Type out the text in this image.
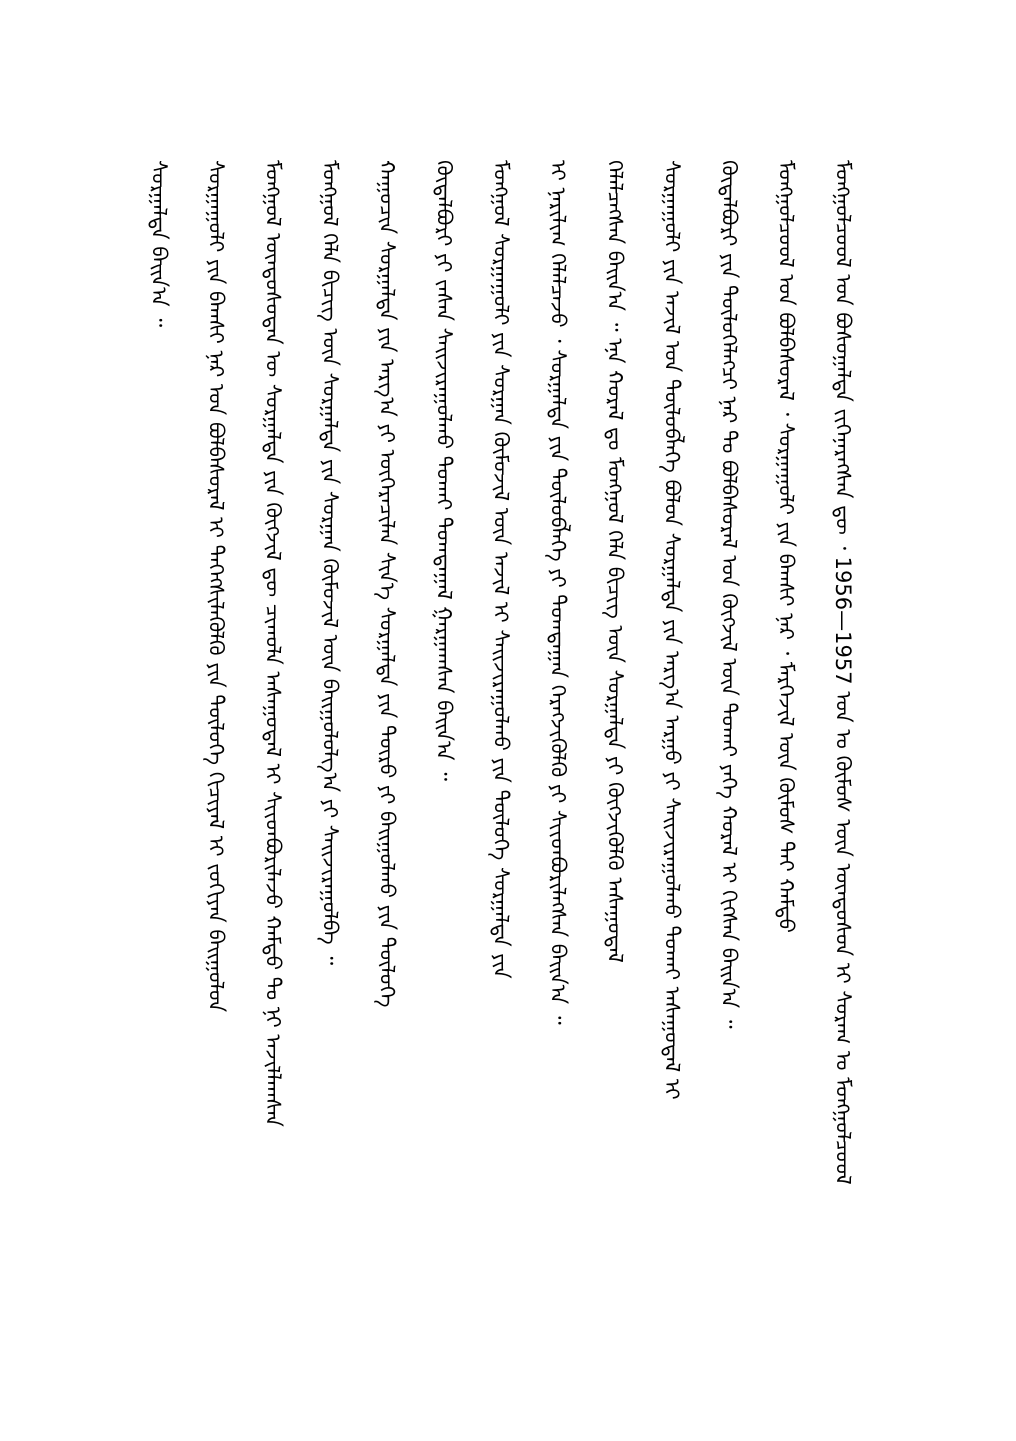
ᠮᠣᠩᠭᠣᠯᠴᠤᠤᠯ ᠤᠨ ᠪᠣᠰᠣᠭᠠᠯᠲᠠ ᠵᠢᠭᠡᠨᠡᠷᠡᠭᠰᠡᠨ ᠳᠦ ᠂ 1956—1957 ᠣᠨ ᠤ ᠬᠥᠮᠦᠰ ᠦᠨ ᠦᠨᠳᠦᠰᠦᠨ ᠢ ᠰᠤᠷᠠᠭ ᠤ ᠮᠣᠩᠭᠣᠯᠴᠤᠤᠯ
ᠮᠣᠩᠭᠣᠯᠴᠤᠤᠯ ᠤᠨ ᠪᠣᠯᠪᠠᠰᠤᠷᠠᠯ ᠂ ᠰᠤᠷᠭᠠᠭᠤᠯᠢ ᠶᠢᠨ ᠪᠠᠭᠰᠢ ᠨᠠᠷ ᠂ ᠮᠡᠷᠭᠡᠵᠢᠯ ᠦᠨ ᠬᠦᠮᠦᠰ ᠲᠡᠢ ᠬᠠᠮᠲᠤ
ᠬᠥᠲᠡᠯᠪᠦᠷᠢ ᠶᠢᠨ ᠲᠥᠯᠦᠭᠡᠯᠡᠭᠴᠢ ᠨᠠᠷ ᠲᠤ ᠪᠣᠯᠪᠠᠰᠤᠷᠠᠯ ᠤᠨ ᠬᠥᠭᠵᠢᠯ ᠦᠨ ᠲᠤᠬᠠᠢ ᠶᠡᠬᠡ ᠬᠤᠷᠠᠯ ᠢ ᠬᠢᠭᠰᠡᠨ ᠪᠠᠢᠨ᠎ᠠ ᠃
ᠰᠤᠷᠭᠠᠭᠤᠯᠢ ᠶᠢᠨ ᠠᠵᠢᠯ ᠤᠨ ᠲᠥᠯᠦᠪᠯᠡᠭᠡ ᠪᠣᠯᠤᠨ ᠰᠤᠷᠭᠠᠯᠲᠠ ᠶᠢᠨ ᠠᠷᠭ᠎ᠠ ᠠᠷᠭᠤ ᠶᠢ ᠰᠠᠢᠵᠢᠷᠠᠭᠤᠯᠬᠤ ᠲᠤᠬᠠᠢ ᠠᠰᠠᠭᠤᠳᠠᠯ ᠢ
ᠬᠡᠯᠡᠯᠴᠡᠭᠰᠡᠨ ᠪᠠᠢᠨ᠎ᠠ ᠃ ᠡᠨᠡ ᠬᠤᠷᠠᠯ ᠳᠤ ᠮᠣᠩᠭᠣᠯ ᠬᠡᠯᠡ ᠪᠢᠴᠢᠭ ᠦᠨ ᠰᠤᠷᠭᠠᠯᠲᠠ ᠶᠢ ᠬᠥᠭᠵᠢᠭᠦᠯᠬᠦ ᠠᠰᠠᠭᠤᠳᠠᠯ
ᠢ ᠨᠠᠷᠢᠯᠢᠭ ᠬᠡᠯᠡᠯᠴᠡᠵᠦ ᠂ ᠰᠤᠷᠭᠠᠯᠲᠠ ᠶᠢᠨ ᠲᠥᠯᠦᠪᠯᠡᠭᠡ ᠶᠢ ᠲᠣᠭᠲᠠᠭᠠᠨ ᠬᠡᠷᠡᠭᠵᠢᠭᠦᠯᠬᠦ ᠶᠢ ᠱᠢᠢᠳᠪᠦᠷᠢᠯᠡᠭᠰᠡᠨ ᠪᠠᠢᠨ᠎ᠠ ᠃
ᠮᠣᠩᠭᠣᠯ ᠰᠤᠷᠭᠠᠭᠤᠯᠢ ᠶᠢᠨ ᠰᠤᠷᠭᠠᠨ ᠬᠦᠮᠦᠵᠢᠯ ᠦᠨ ᠠᠵᠢᠯ ᠢ ᠰᠠᠢᠵᠢᠷᠠᠭᠤᠯᠬᠤ ᠶᠢᠨ ᠲᠥᠯᠦᠭᠡ ᠰᠤᠷᠭᠠᠯᠲᠠ ᠶᠢᠨ
ᠬᠥᠲᠡᠯᠪᠦᠷᠢ ᠶᠢ ᠵᠠᠰᠠᠨ ᠰᠠᠢᠵᠢᠷᠠᠭᠤᠯᠬᠤ ᠲᠤᠬᠠᠢ ᠲᠣᠭᠲᠠᠭᠠᠯ ᠭᠠᠷᠭᠠᠭᠰᠠᠨ ᠪᠠᠢᠨ᠎ᠠ ᠃
ᠬᠠᠭᠤᠴᠢᠨ ᠰᠤᠷᠭᠠᠯᠲᠠ ᠶᠢᠨ ᠠᠷᠭ᠎ᠠ ᠶᠢ ᠥᠭᠡᠷᠡᠴᠢᠯᠡᠨ ᠰᠢᠨ᠎ᠡ ᠰᠤᠷᠭᠠᠯᠲᠠ ᠶᠢᠨ ᠲᠥᠷᠥ ᠶᠢ ᠪᠠᠢᠭᠤᠯᠬᠤ ᠶᠢᠨ ᠲᠥᠯᠦᠭᠡ
ᠮᠣᠩᠭᠣᠯ ᠬᠡᠯᠡ ᠪᠢᠴᠢᠭ ᠦᠨ ᠰᠤᠷᠭᠠᠯᠲᠠ ᠶᠢᠨ ᠰᠤᠷᠭᠠᠨ ᠬᠦᠮᠦᠵᠢᠯ ᠦᠨ ᠪᠠᠢᠭᠤᠯᠤᠯᠭ᠎ᠠ ᠶᠢ ᠰᠠᠢᠵᠢᠷᠠᠭᠤᠯᠪᠠ ᠃
ᠮᠣᠩᠭᠣᠯ ᠦᠨᠳᠦᠰᠦᠲᠡᠨ ᠦ ᠰᠤᠷᠭᠠᠯᠲᠠ ᠶᠢᠨ ᠬᠥᠭᠵᠢᠯ ᠳᠦ ᠴᠢᠬᠤᠯᠠ ᠠᠰᠠᠭᠤᠳᠠᠯ ᠢ ᠰᠢᠢᠳᠪᠦᠷᠢᠯᠡᠵᠦ ᠬᠠᠮᠲᠤ ᠲᠤ ᠨᠢ ᠠᠵᠢᠯᠯᠠᠭᠰᠠᠨ
ᠰᠤᠷᠭᠠᠭᠤᠯᠢ ᠶᠢᠨ ᠪᠠᠭᠰᠢ ᠨᠠᠷ ᠤᠨ ᠪᠣᠯᠪᠠᠰᠤᠷᠠᠯ ᠢ ᠳᠡᠭᠡᠭᠰᠢᠯᠡᠭᠦᠯᠬᠦ ᠶᠢᠨ ᠲᠥᠯᠦᠭᠡ ᠬᠢᠴᠢᠶᠡᠯ ᠢ ᠵᠣᠬᠢᠶᠠᠨ ᠪᠠᠢᠭᠤᠯᠤᠨ
ᠰᠤᠷᠭᠠᠯᠲᠠ ᠪᠠᠢᠨ᠎ᠠ ᠃
